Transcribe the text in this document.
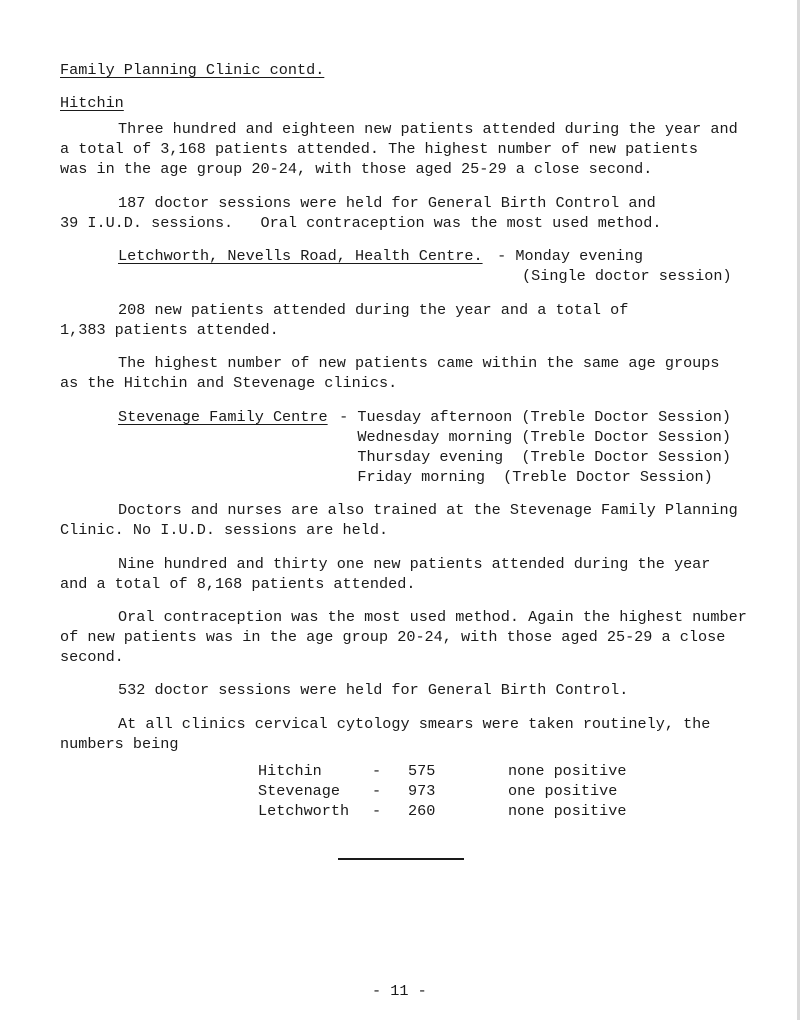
Family Planning Clinic contd.
Hitchin
Three hundred and eighteen new patients attended during the year and
a total of 3,168 patients attended. The highest number of new patients
was in the age group 20-24, with those aged 25-29 a close second.
187 doctor sessions were held for General Birth Control and
39 I.U.D. sessions.   Oral contraception was the most used method.
Letchworth, Nevells Road, Health Centre. - Monday evening
(Single doctor session)
208 new patients attended during the year and a total of
1,383 patients attended.
The highest number of new patients came within the same age groups
as the Hitchin and Stevenage clinics.
Stevenage Family Centre - Tuesday afternoon (Treble Doctor Session)
Wednesday morning (Treble Doctor Session)
Thursday evening  (Treble Doctor Session)
Friday morning  (Treble Doctor Session)
Doctors and nurses are also trained at the Stevenage Family Planning
Clinic. No I.U.D. sessions are held.
Nine hundred and thirty one new patients attended during the year
and a total of 8,168 patients attended.
Oral contraception was the most used method. Again the highest number
of new patients was in the age group 20-24, with those aged 25-29 a close
second.
532 doctor sessions were held for General Birth Control.
At all clinics cervical cytology smears were taken routinely, the
numbers being
Hitchin	- 575	none positive
Stevenage - 973	one positive
Letchworth - 260	none positive
- 11 -
